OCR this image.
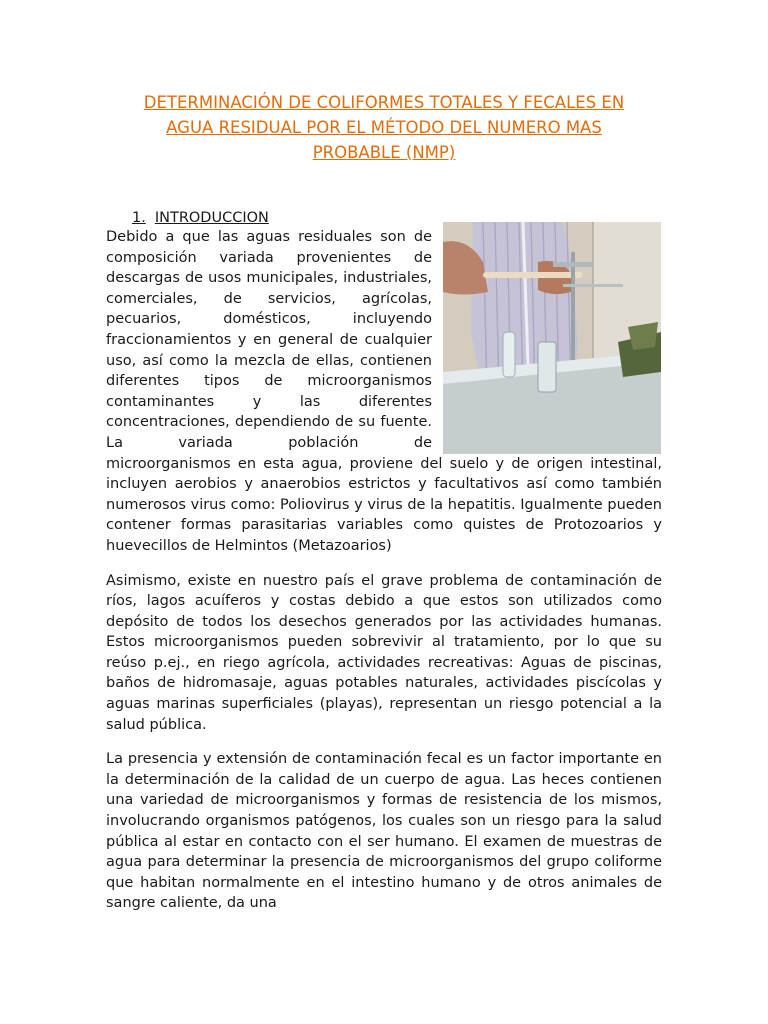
DETERMINACIÓN DE COLIFORMES TOTALES Y FECALES EN
AGUA RESIDUAL POR EL MÉTODO DEL NUMERO MAS
PROBABLE (NMP)
1. INTRODUCCION

Debido a que las aguas residuales son de composición variada provenientes de descargas de usos municipales, industriales, comerciales, de servicios, agrícolas, pecuarios, domésticos, incluyendo fraccionamientos y en general de cualquier uso, así como la mezcla de ellas, contienen diferentes tipos de microorganismos contaminantes y las diferentes concentraciones, dependiendo de su fuente. La variada población de
microorganismos en esta agua, proviene del suelo y de origen intestinal, incluyen aerobios y anaerobios estrictos y facultativos así como también numerosos virus como: Poliovirus y virus de la hepatitis. Igualmente pueden contener formas parasitarias variables como quistes de Protozoarios y huevecillos de Helmintos (Metazoarios)

Asimismo, existe en nuestro país el grave problema de contaminación de ríos, lagos acuíferos y costas debido a que estos son utilizados como depósito de todos los desechos generados por las actividades humanas. Estos microorganismos pueden sobrevivir al tratamiento, por lo que su reúso p.ej., en riego agrícola, actividades recreativas: Aguas de piscinas, baños de hidromasaje, aguas potables naturales, actividades piscícolas y aguas marinas superficiales (playas), representan un riesgo potencial a la salud pública.

La presencia y extensión de contaminación fecal es un factor importante en la determinación de la calidad de un cuerpo de agua. Las heces contienen una variedad de microorganismos y formas de resistencia de los mismos, involucrando organismos patógenos, los cuales son un riesgo para la salud pública al estar en contacto con el ser humano. El examen de muestras de agua para determinar la presencia de microorganismos del grupo coliforme que habitan normalmente en el intestino humano y de otros animales de sangre caliente, da una
